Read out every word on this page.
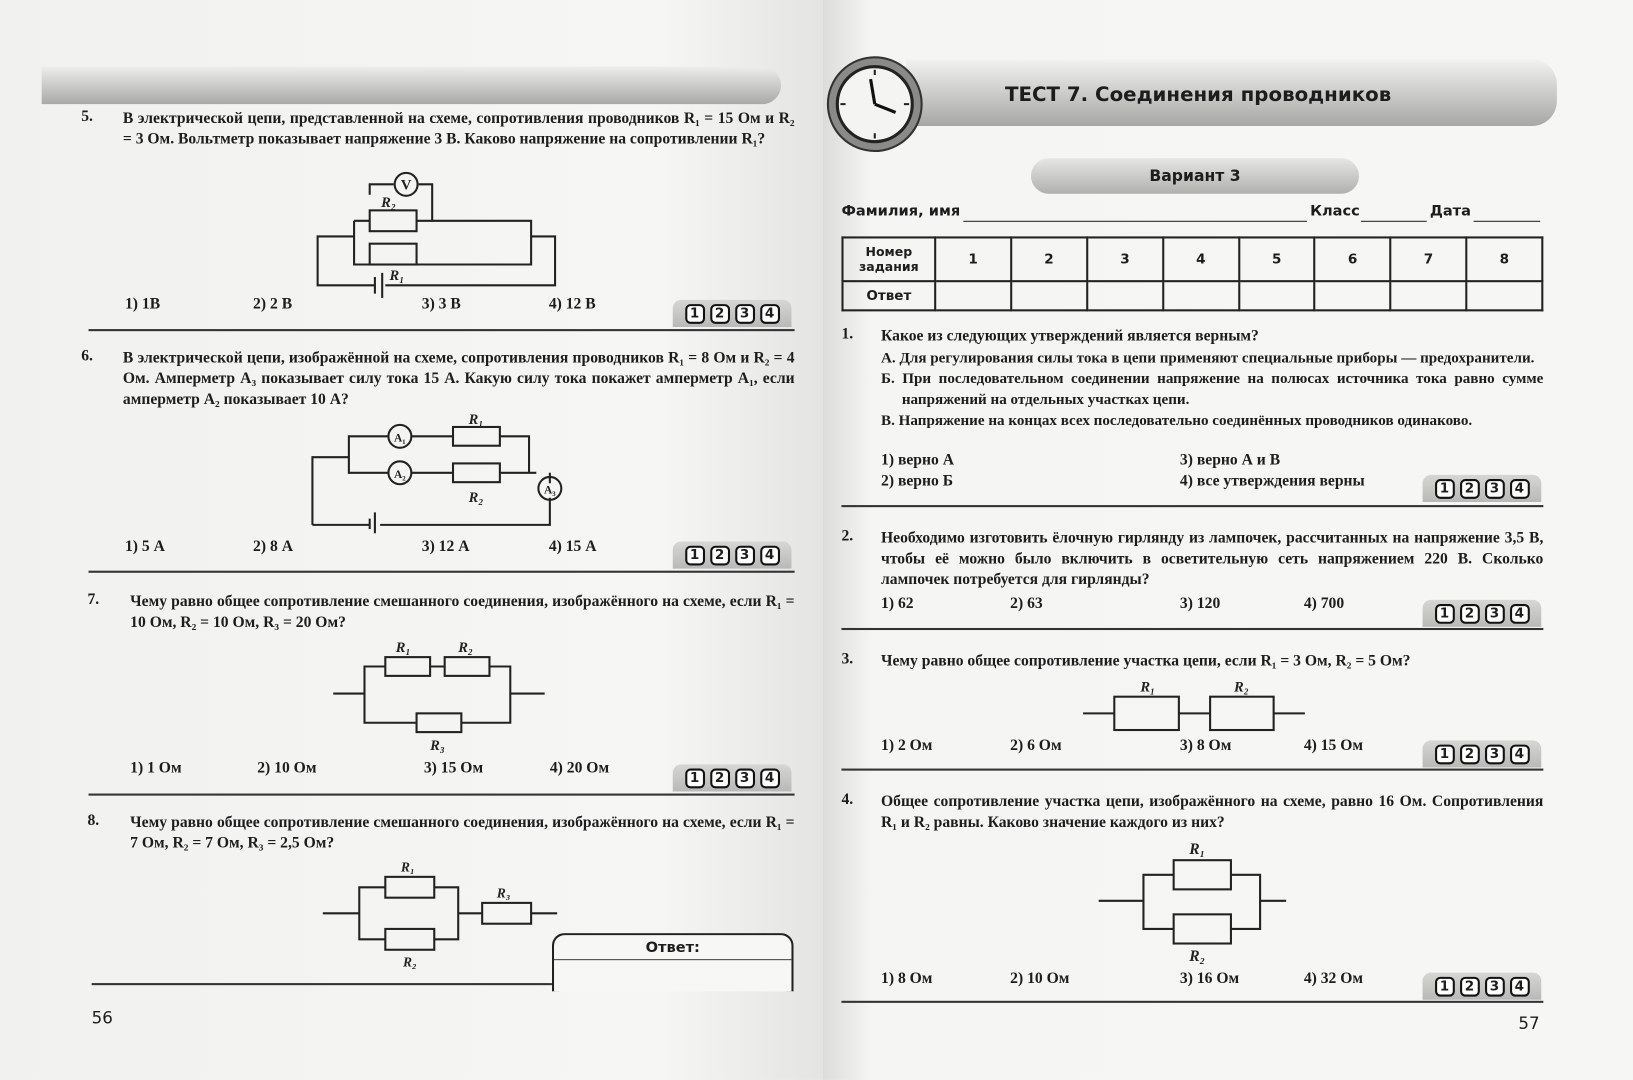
5. В электрической цепи, представленной на схеме, сопротивления проводников R₁ = 15 Ом и R₂ = 3 Ом. Вольтметр показывает напряжение 3 В. Каково напряжение на сопротивлении R₁?
V
R₂
R₁
1) 1В	2) 2 В	3) 3 В	4) 12 В
1	2	3	4
6. В электрической цепи, изображённой на схеме, сопротивления проводников R₁ = 8 Ом и R₂ = 4 Ом. Амперметр A₃ показывает силу тока 15 А. Какую силу тока покажет амперметр A₁, если амперметр A₂ показывает 10 А?
A₁
A₂
A₃
R₁
R₂
1) 5 А	2) 8 А	3) 12 А	4) 15 А	1	2	3	4
7. Чему равно общее сопротивление смешанного соединения, изображённого на схеме, если R₁ = 10 Ом, R₂ = 10 Ом, R₃ = 20 Ом?
R₁	R₂
R₃
1) 1 Ом	2) 10 Ом	3) 15 Ом	4) 20 Ом
1	2	3	4
8. Чему равно общее сопротивление смешанного соединения, изображённого на схеме, если R₁ = 7 Ом, R₂ = 7 Ом, R₃ = 2,5 Ом?
R₁
R₂
R₃
Ответ:
56
ТЕСТ 7. Соединения проводников
Вариант 3
Фамилия, имя	Класс	Дата
Номер задания	1	2	3	4	5	6	7	8
Ответ								
1. Какое из следующих утверждений является верным?
А. Для регулирования силы тока в цепи применяют специальные приборы — предохранители.
Б. При последовательном соединении напряжение на полюсах источника тока равно сумме напряжений на отдельных участках цепи.
В. Напряжение на концах всех последовательно соединённых проводников одинаково.
1) верно А
2) верно Б
3) верно А и В
4) все утверждения верны	1	2	3	4
2. Необходимо изготовить ёлочную гирлянду из лампочек, рассчитанных на напряжение 3,5 В, чтобы её можно было включить в осветительную сеть напряжением 220 В. Сколько лампочек потребуется для гирлянды?
1) 62	2) 63	3) 120	4) 700
1	2	3	4
3. Чему равно общее сопротивление участка цепи, если R₁ = 3 Ом, R₂ = 5 Ом?
R₁	R₂
1) 2 Ом	2) 6 Ом	3) 8 Ом	4) 15 Ом	1	2	3	4
4. Общее сопротивление участка цепи, изображённого на схеме, равно 16 Ом. Сопротивления R₁ и R₂ равны. Каково значение каждого из них?
R₁
R₂
1) 8 Ом	2) 10 Ом	3) 16 Ом	4) 32 Ом	1	2	3	4
57
